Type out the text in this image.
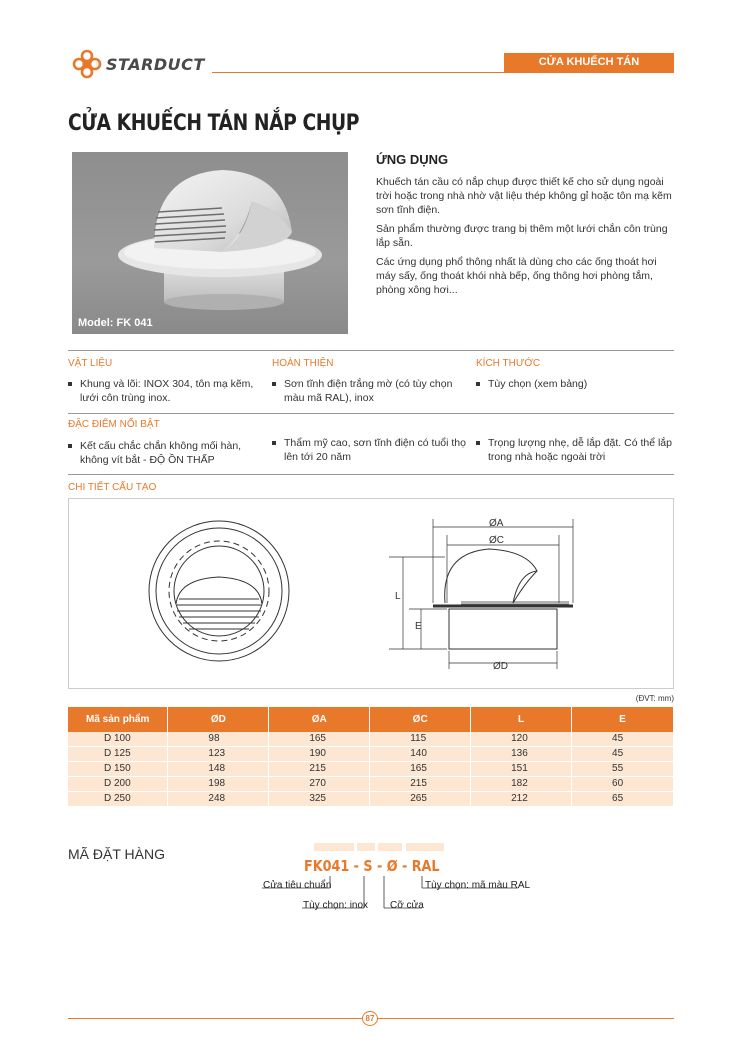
STARDUCT	CỬA KHUẾCH TÁN
CỬA KHUẾCH TÁN NẮP CHỤP
Model: FK 041
ỨNG DỤNG

Khuếch tán cầu có nắp chụp được thiết kế cho sử dụng ngoài trời hoặc trong nhà nhờ vật liệu thép không gỉ hoặc tôn mạ kẽm sơn tĩnh điện.

Sản phẩm thường được trang bị thêm một lưới chắn côn trùng lắp sẵn.

Các ứng dụng phổ thông nhất là dùng cho các ống thoát hơi máy sấy, ống thoát khói nhà bếp, ống thông hơi phòng tắm, phòng xông hơi...

VẬT LIỆU	HOÀN THIỆN	KÍCH THƯỚC
Khung và lõi: INOX 304, tôn mạ kẽm, lưới côn trùng inox.
Sơn tĩnh điện trắng mờ (có tùy chọn màu mã RAL), inox
Tùy chọn (xem bảng)
ĐẶC ĐIỂM NỔI BẬT
Kết cấu chắc chắn không mối hàn, không vít bắt - ĐỘ ỒN THẤP
Thẩm mỹ cao, sơn tĩnh điện có tuổi thọ lên tới 20 năm
Trọng lượng nhẹ, dễ lắp đặt. Có thể lắp trong nhà hoặc ngoài trời
CHI TIẾT CẤU TẠO
ØA
ØC
L
E
ØD
(ĐVT: mm)
Mã sản phẩm	ØD	ØA	ØC	L	E
D 100	98	165	115	120	45
D 125	123	190	140	136	45
D 150	148	215	165	151	55
D 200	198	270	215	182	60
D 250	248	325	265	212	65
MÃ ĐẶT HÀNG
FK041 - S - Ø - RAL
Cửa tiêu chuẩn
Tùy chọn: inox Cỡ cửa
Tùy chọn: mã màu RAL
87
